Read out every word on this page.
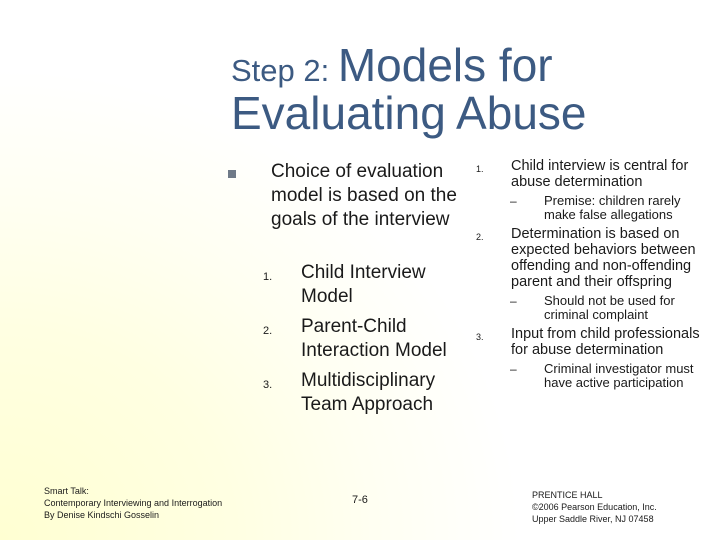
Step 2: Models for
Evaluating Abuse
Choice of evaluation model is based on the goals of the interview
1. Child Interview Model
2. Parent-Child Interaction Model
3. Multidisciplinary Team Approach
1. Child interview is central for abuse determination
– Premise: children rarely make false allegations
2. Determination is based on expected behaviors between offending and non-offending parent and their offspring
– Should not be used for criminal complaint
3. Input from child professionals for abuse determination
– Criminal investigator must have active participation
Smart Talk:
Contemporary Interviewing and Interrogation
By Denise Kindschi Gosselin
7-6	PRENTICE HALL
©2006 Pearson Education, Inc.
Upper Saddle River, NJ 07458
